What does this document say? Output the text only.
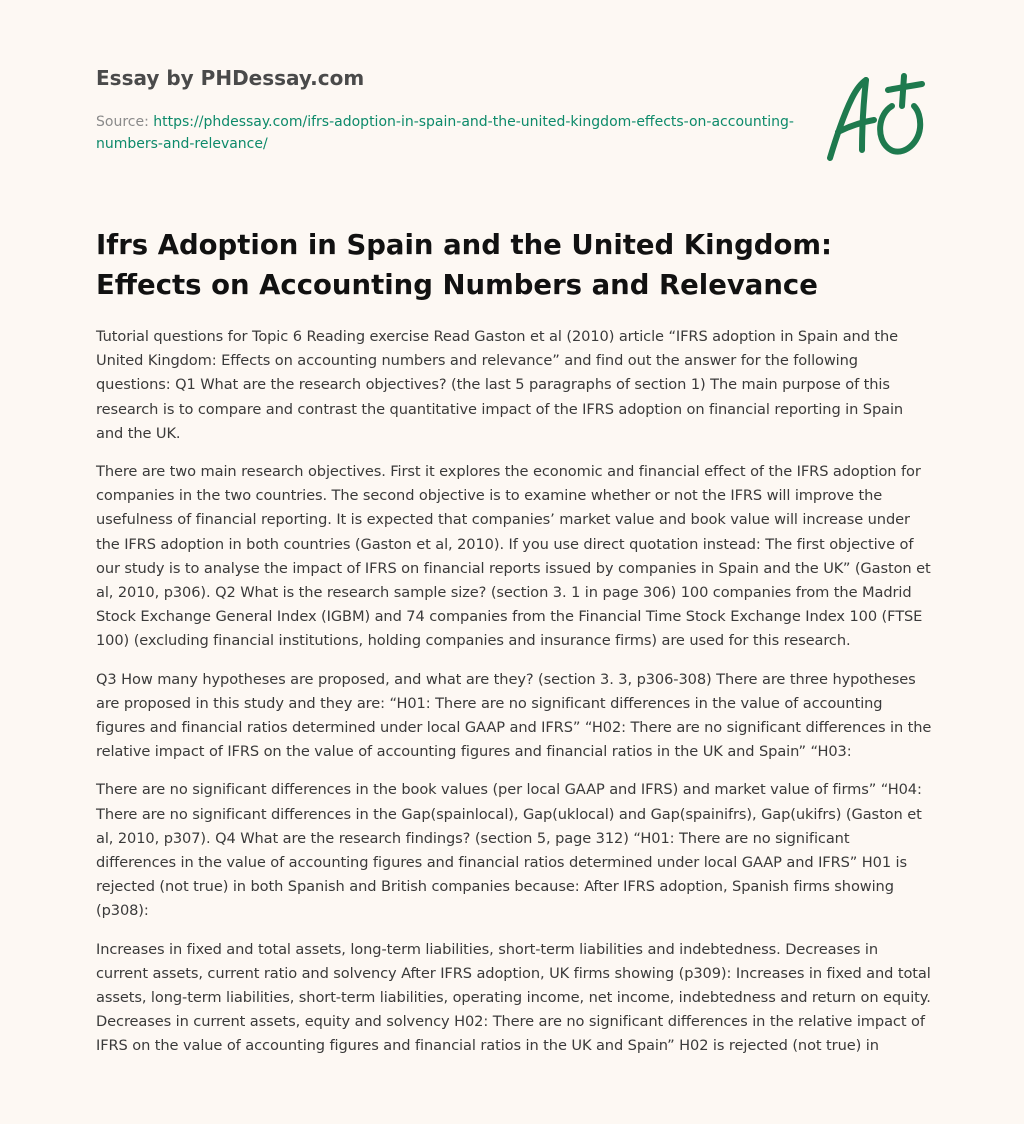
Essay by PHDessay.com

Source: https://phdessay.com/ifrs-adoption-in-spain-and-the-united-kingdom-effects-on-accounting-numbers-and-relevance/

Ifrs Adoption in Spain and the United Kingdom: Effects on Accounting Numbers and Relevance

Tutorial questions for Topic 6 Reading exercise Read Gaston et al (2010) article “IFRS adoption in Spain and the United Kingdom: Effects on accounting numbers and relevance” and find out the answer for the following questions: Q1 What are the research objectives? (the last 5 paragraphs of section 1) The main purpose of this research is to compare and contrast the quantitative impact of the IFRS adoption on financial reporting in Spain and the UK.

There are two main research objectives. First it explores the economic and financial effect of the IFRS adoption for companies in the two countries. The second objective is to examine whether or not the IFRS will improve the usefulness of financial reporting. It is expected that companies’ market value and book value will increase under the IFRS adoption in both countries (Gaston et al, 2010). If you use direct quotation instead: The first objective of our study is to analyse the impact of IFRS on financial reports issued by companies in Spain and the UK” (Gaston et al, 2010, p306). Q2 What is the research sample size? (section 3. 1 in page 306) 100 companies from the Madrid Stock Exchange General Index (IGBM) and 74 companies from the Financial Time Stock Exchange Index 100 (FTSE 100) (excluding financial institutions, holding companies and insurance firms) are used for this research.

Q3 How many hypotheses are proposed, and what are they? (section 3. 3, p306-308) There are three hypotheses are proposed in this study and they are: “H01: There are no significant differences in the value of accounting figures and financial ratios determined under local GAAP and IFRS” “H02: There are no significant differences in the relative impact of IFRS on the value of accounting figures and financial ratios in the UK and Spain” “H03:

There are no significant differences in the book values (per local GAAP and IFRS) and market value of firms” “H04: There are no significant differences in the Gap(spainlocal), Gap(uklocal) and Gap(spainifrs), Gap(ukifrs) (Gaston et al, 2010, p307). Q4 What are the research findings? (section 5, page 312) “H01: There are no significant differences in the value of accounting figures and financial ratios determined under local GAAP and IFRS” H01 is rejected (not true) in both Spanish and British companies because: After IFRS adoption, Spanish firms showing (p308):

Increases in fixed and total assets, long-term liabilities, short-term liabilities and indebtedness. Decreases in current assets, current ratio and solvency After IFRS adoption, UK firms showing (p309): Increases in fixed and total assets, long-term liabilities, short-term liabilities, operating income, net income, indebtedness and return on equity. Decreases in current assets, equity and solvency H02: There are no significant differences in the relative impact of IFRS on the value of accounting figures and financial ratios in the UK and Spain” H02 is rejected (not true) in
